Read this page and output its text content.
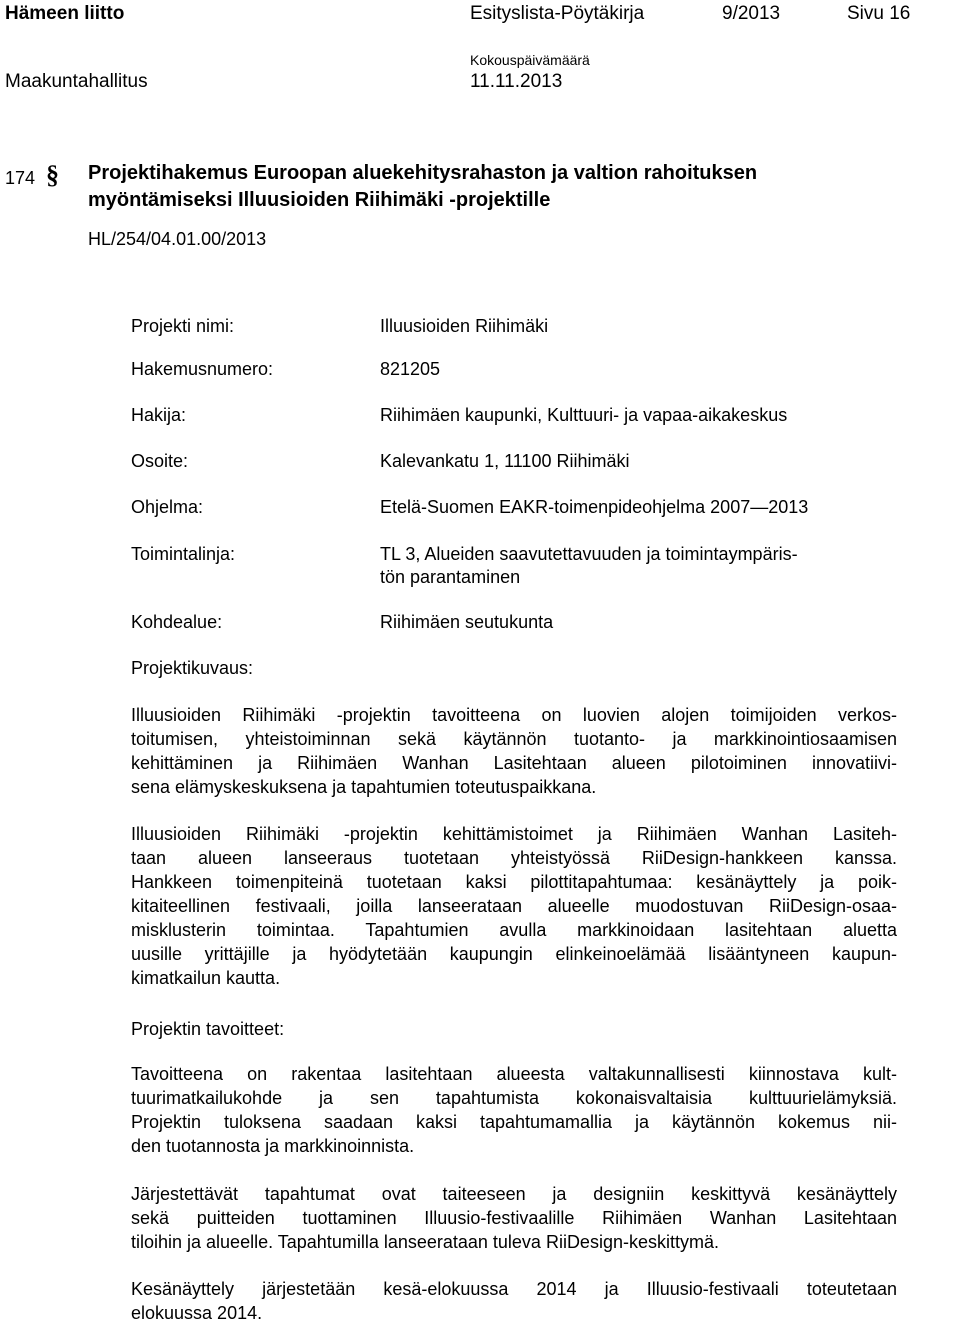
Hämeen liitto	Esityslista-Pöytäkirja	9/2013	Sivu 16
Maakuntahallitus
Kokouspäivämäärä
11.11.2013
174 § Projektihakemus Euroopan aluekehitysrahaston ja valtion rahoituksen
myöntämiseksi Illuusioiden Riihimäki -projektille
HL/254/04.01.00/2013
Projekti nimi:	Illuusioiden Riihimäki
Hakemusnumero:	821205
Hakija:	Riihimäen kaupunki, Kulttuuri- ja vapaa-aikakeskus
Osoite:	Kalevankatu 1, 11100 Riihimäki
Ohjelma:	Etelä-Suomen EAKR-toimenpideohjelma 2007—2013
Toimintalinja:	TL 3, Alueiden saavutettavuuden ja toimintaympäris-
tön parantaminen
Kohdealue:	Riihimäen seutukunta
Projektikuvaus:
Illuusioiden Riihimäki -projektin tavoitteena on luovien alojen toimijoiden verkos-
toitumisen, yhteistoiminnan sekä käytännön tuotanto- ja markkinointiosaamisen
kehittäminen ja Riihimäen Wanhan Lasitehtaan alueen pilotoiminen innovatiivi-
sena elämyskeskuksena ja tapahtumien toteutuspaikkana.
Illuusioiden Riihimäki -projektin kehittämistoimet ja Riihimäen Wanhan Lasiteh-
taan alueen lanseeraus tuotetaan yhteistyössä RiiDesign-hankkeen kanssa.
Hankkeen toimenpiteinä tuotetaan kaksi pilottitapahtumaa: kesänäyttely ja poik-
kitaiteellinen festivaali, joilla lanseerataan alueelle muodostuvan RiiDesign-osaa-
misklusterin toimintaa. Tapahtumien avulla markkinoidaan lasitehtaan aluetta
uusille yrittäjille ja hyödytetään kaupungin elinkeinoelämää lisääntyneen kaupun-
kimatkailun kautta.
Projektin tavoitteet:
Tavoitteena on rakentaa lasitehtaan alueesta valtakunnallisesti kiinnostava kult-
tuurimatkailukohde ja sen tapahtumista kokonaisvaltaisia kulttuurielämyksiä.
Projektin tuloksena saadaan kaksi tapahtumamallia ja käytännön kokemus nii-
den tuotannosta ja markkinoinnista.
Järjestettävät tapahtumat ovat taiteeseen ja designiin keskittyvä kesänäyttely
sekä puitteiden tuottaminen Illuusio-festivaalille Riihimäen Wanhan Lasitehtaan
tiloihin ja alueelle. Tapahtumilla lanseerataan tuleva RiiDesign-keskittymä.
Kesänäyttely järjestetään kesä-elokuussa 2014 ja Illuusio-festivaali toteutetaan
elokuussa 2014.
